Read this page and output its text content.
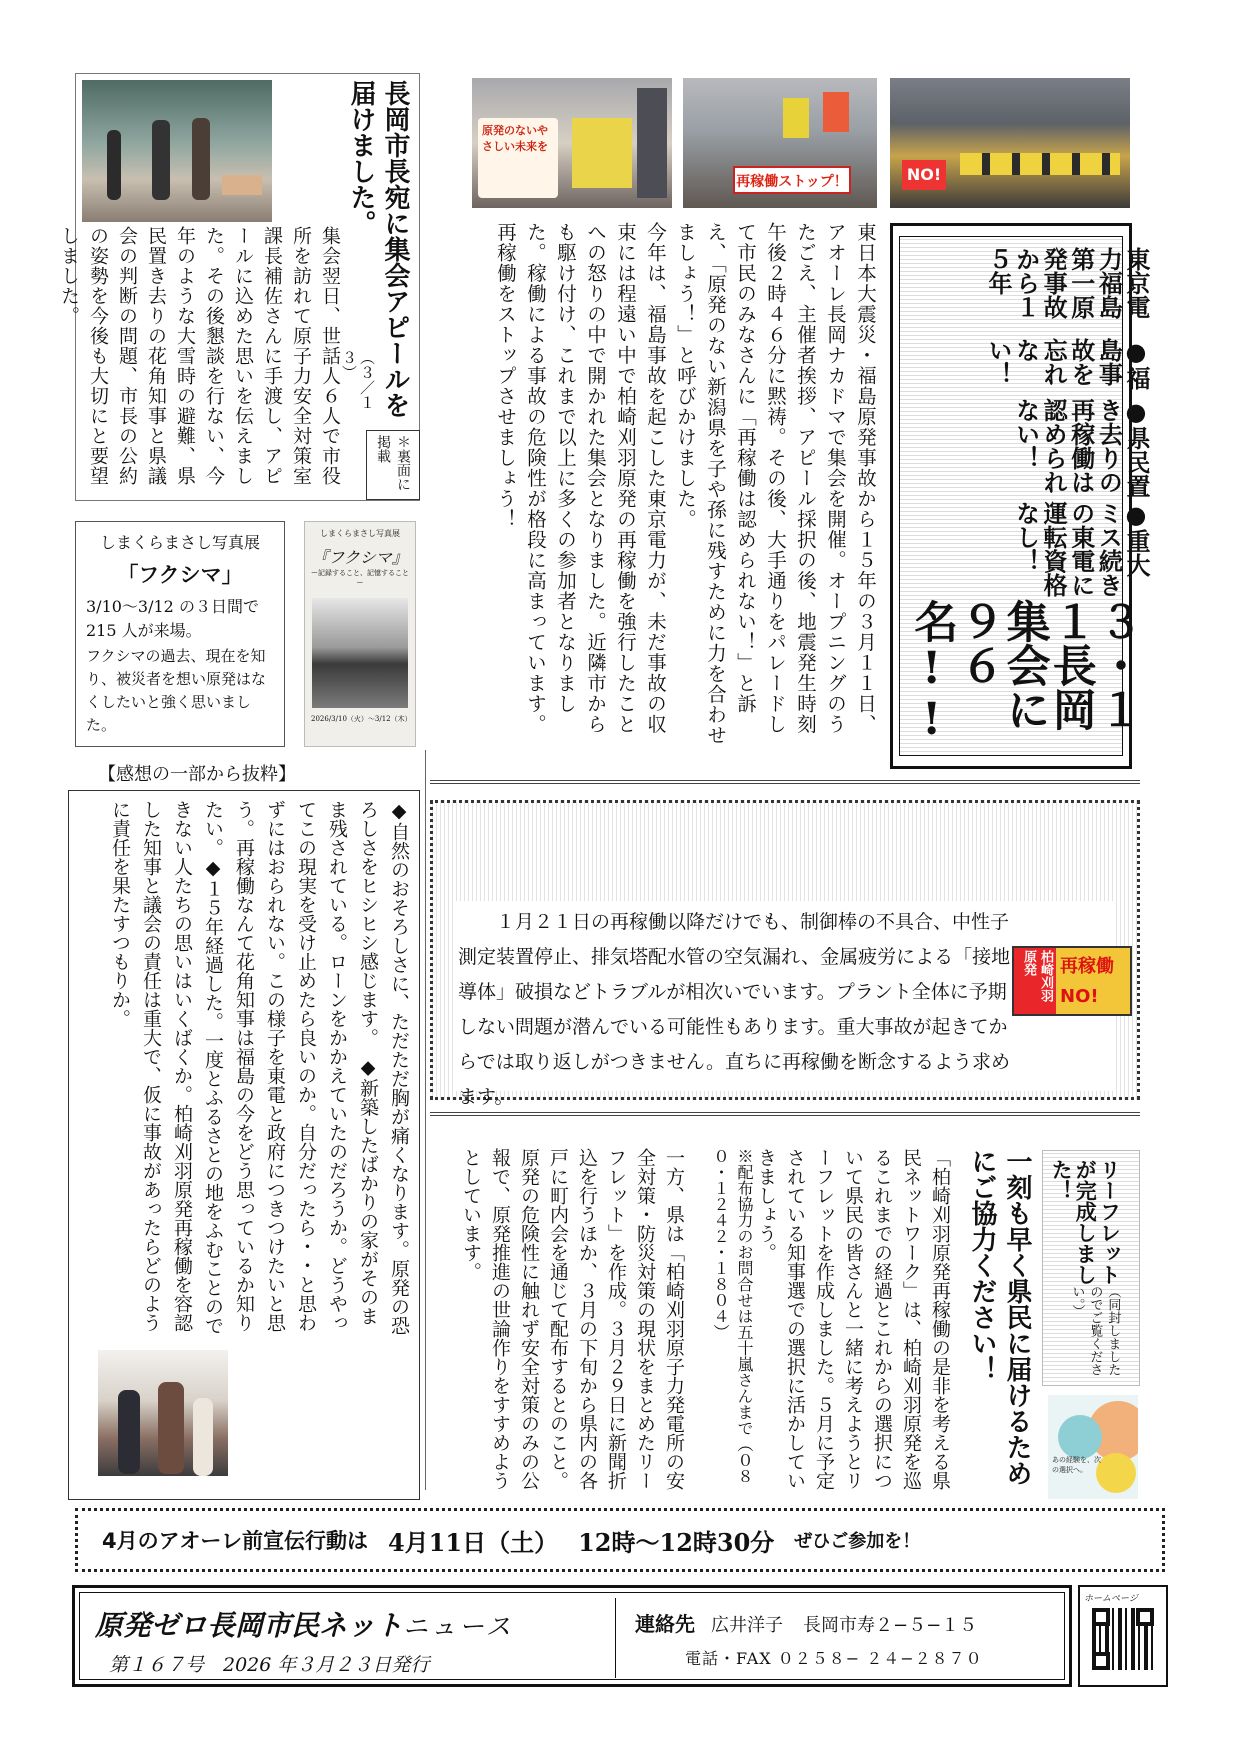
長岡市長宛に集会アピールを届けました。
（３／１３）
＊裏面に掲載
集会翌日、世話人６人で市役所を訪れて原子力安全対策室課長補佐さんに手渡し、アピールに込めた思いを伝えました。その後懇談を行ない、今年のような大雪時の避難、県民置き去りの花角知事と県議会の判断の問題、市長の公約の姿勢を今後も大切にと要望しました。
原発のないやさしい未来を
再稼働ストップ！	NO!
東京電力福島第一原発事故から１５年
●福島事故を忘れない！
●県民置き去りの再稼働は認められない！
●重大ミス続きの東電に運転資格なし！
３・１１長岡集会に９６名!!
東日本大震災・福島原発事故から１５年の３月１１日、アオーレ長岡ナカドマで集会を開催。オープニングのうたごえ、主催者挨拶、アピール採択の後、地震発生時刻午後２時４６分に黙祷。その後、大手通りをパレードして市民のみなさんに「再稼働は認められない！」と訴え、「原発のない新潟県を子や孫に残すために力を合わせましょう！」と呼びかけました。
今年は、福島事故を起こした東京電力が、未だ事故の収束には程遠い中で柏崎刈羽原発の再稼働を強行したことへの怒りの中で開かれた集会となりました。近隣市からも駆け付け、これまで以上に多くの参加者となりました。稼働による事故の危険性が格段に高まっています。再稼働をストップさせましょう！
しまくらまさし写真展
「フクシマ」
3/10～3/12 の３日間で 215 人が来場。
フクシマの過去、現在を知り、被災者を想い原発はなくしたいと強く思いました。
しまくらまさし写真展
『フクシマ』
ー記録すること、記憶することー
2026/3/10（火）〜3/12（木）
【感想の一部から抜粋】
◆自然のおそろしさに、ただただ胸が痛くなります。原発の恐ろしさをヒシヒシ感じます。　◆新築したばかりの家がそのまま残されている。ローンをかかえていたのだろうか。どうやってこの現実を受け止めたら良いのか。自分だったら・・と思わずにはおられない。この様子を東電と政府につきつけたいと思う。再稼働なんて花角知事は福島の今をどう思っているか知りたい。◆１５年経過した。一度とふるさとの地をふむことのできない人たちの思いはいくばくか。柏崎刈羽原発再稼働を容認した知事と議会の責任は重大で、仮に事故があったらどのように責任を果たすつもりか。	１月２１日の再稼働以降だけでも、制御棒の不具合、中性子測定装置停止、排気塔配水管の空気漏れ、金属疲労による「接地導体」破損などトラブルが相次いでいます。プラント全体に予期しない問題が潜んでいる可能性もあります。重大事故が起きてからでは取り返しがつきません。直ちに再稼働を断念するよう求めます。
柏崎刈羽原発	再稼働NO!
リーフレットが完成しました！
（同封しましたのでご覧ください。）
あの経験を、次の選択へ。
一刻も早く県民に届けるためにご協力ください！
「柏崎刈羽原発再稼働の是非を考える県民ネットワーク」は、柏崎刈羽原発を巡るこれまでの経過とこれからの選択について県民の皆さんと一緒に考えようとリーフレットを作成しました。５月に予定されている知事選での選択に活かしていきましょう。
※配布協力のお問合せは五十嵐さんまで（０８０・１２４２・１８０４）
一方、県は「柏崎刈羽原子力発電所の安全対策・防災対策の現状をまとめたリーフレット」を作成。３月２９日に新聞折込を行うほか、３月の下旬から県内の各戸に町内会を通じて配布するとのこと。原発の危険性に触れず安全対策のみの公報で、原発推進の世論作りをすすめようとしています。
4月のアオーレ前宣伝行動は 4月11日（土） 12時～12時30分 ぜひご参加を！
原発ゼロ長岡市民ネットニュース
第１６７号　2026 年３月２３日発行
連絡先 広井洋子 長岡市寿２−５−１５
電話・FAX ０２５８− ２４−２８７０
ホームページ
